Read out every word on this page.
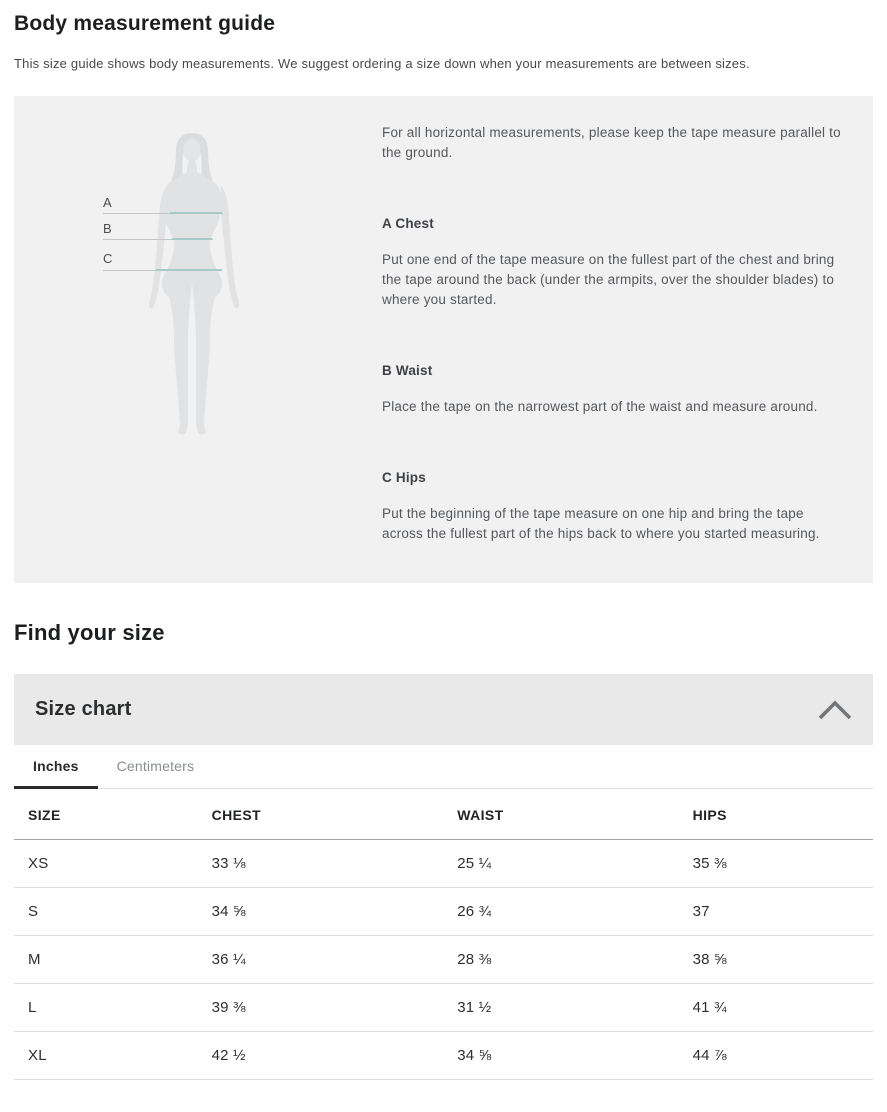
Body measurement guide

This size guide shows body measurements. We suggest ordering a size down when your measurements are between sizes.

A
B
C

For all horizontal measurements, please keep the tape measure parallel to the ground.

A Chest

Put one end of the tape measure on the fullest part of the chest and bring the tape around the back (under the armpits, over the shoulder blades) to where you started.

B Waist

Place the tape on the narrowest part of the waist and measure around.

C Hips

Put the beginning of the tape measure on one hip and bring the tape across the fullest part of the hips back to where you started measuring.

Find your size
Size chart
Inches	Centimeters
SIZE	CHEST	WAIST	HIPS
XS	33 ⅛	25 ¼	35 ⅜
S	34 ⅝	26 ¾	37
M	36 ¼	28 ⅜	38 ⅝
L	39 ⅜	31 ½	41 ¾
XL	42 ½	34 ⅝	44 ⅞
